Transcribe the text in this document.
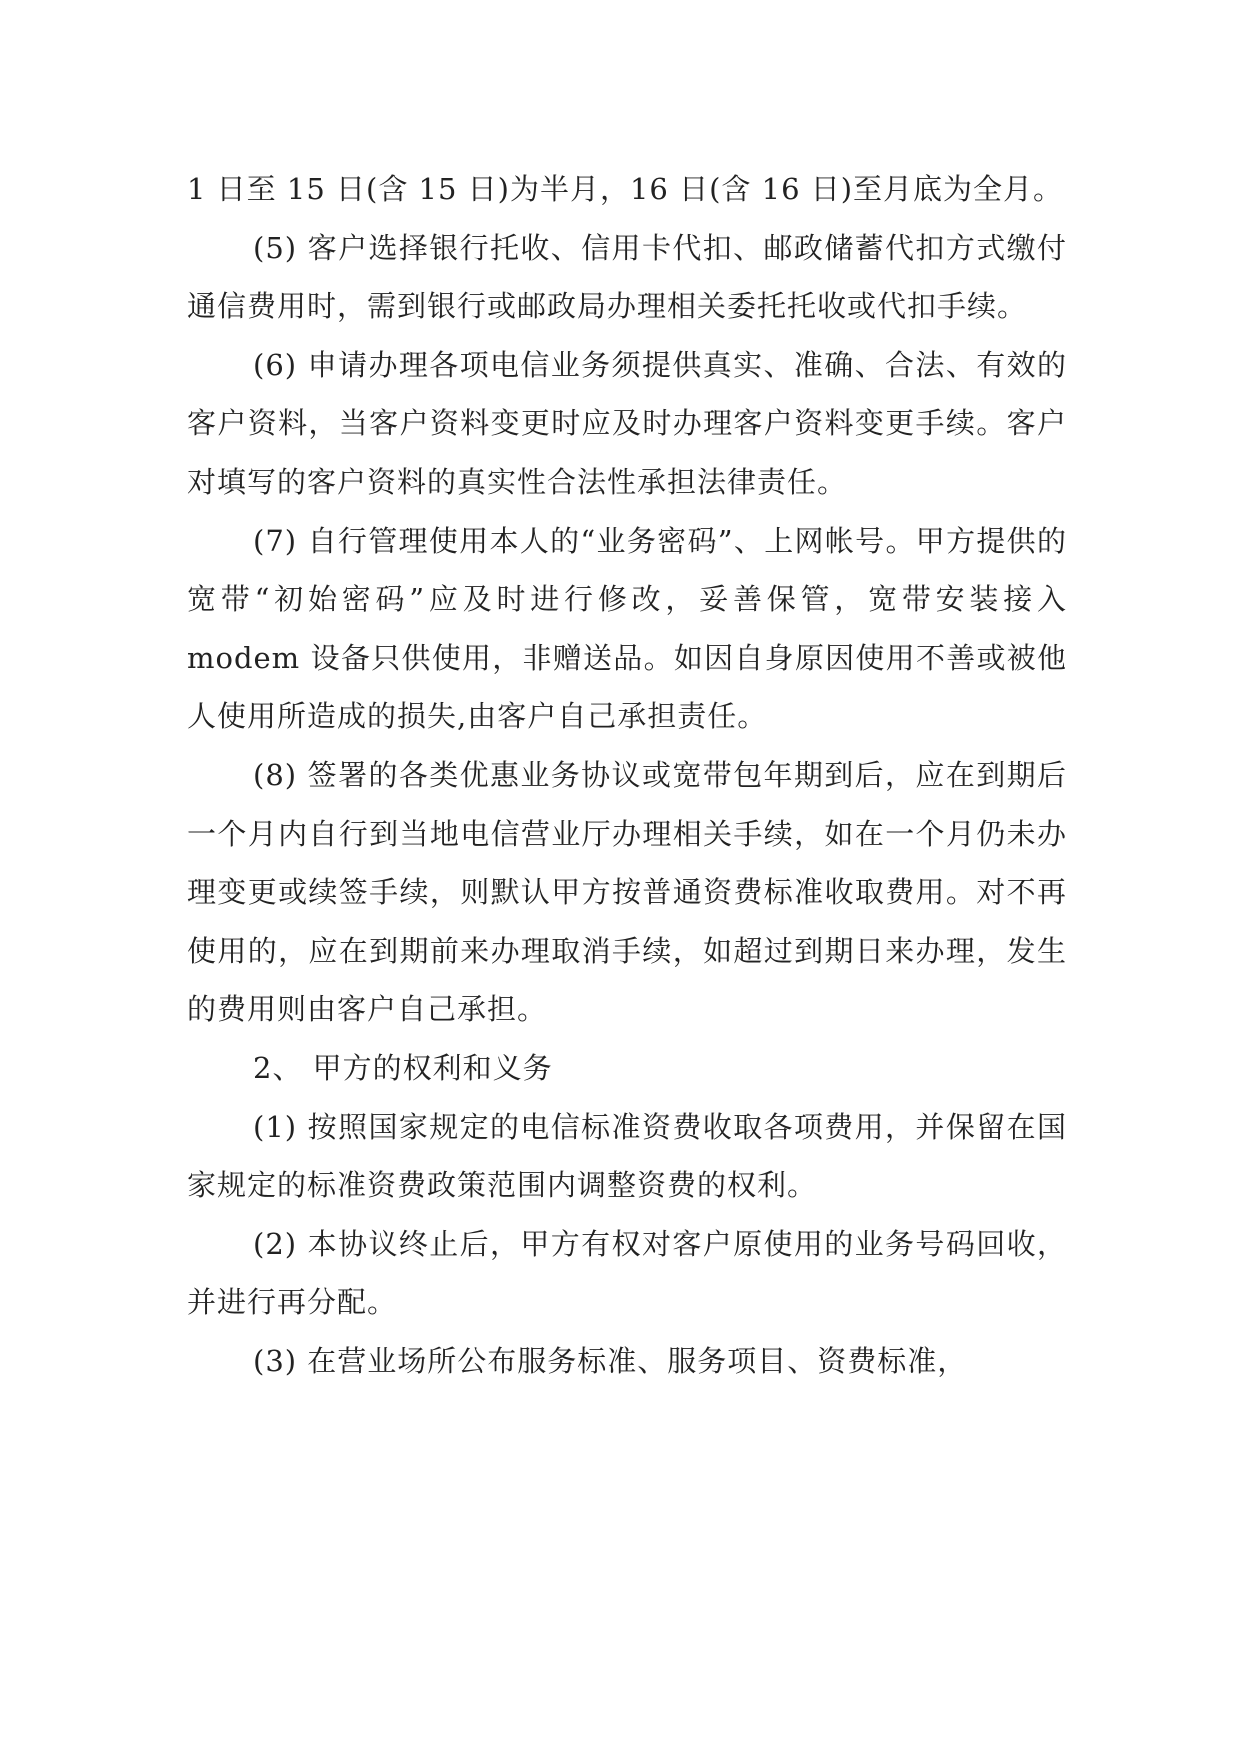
1 日至 15 日(含 15 日)为半月，16 日(含 16 日)至月底为全月。

(5) 客户选择银行托收、信用卡代扣、邮政储蓄代扣方式缴付通信费用时，需到银行或邮政局办理相关委托托收或代扣手续。

(6) 申请办理各项电信业务须提供真实、准确、合法、有效的客户资料，当客户资料变更时应及时办理客户资料变更手续。客户对填写的客户资料的真实性合法性承担法律责任。

(7) 自行管理使用本人的“业务密码”、上网帐号。甲方提供的宽带“初始密码”应及时进行修改，妥善保管，宽带安装接入 modem 设备只供使用，非赠送品。如因自身原因使用不善或被他人使用所造成的损失,由客户自己承担责任。

(8) 签署的各类优惠业务协议或宽带包年期到后，应在到期后一个月内自行到当地电信营业厅办理相关手续，如在一个月仍未办理变更或续签手续，则默认甲方按普通资费标准收取费用。对不再使用的，应在到期前来办理取消手续，如超过到期日来办理，发生的费用则由客户自己承担。

2、 甲方的权利和义务

(1) 按照国家规定的电信标准资费收取各项费用，并保留在国家规定的标准资费政策范围内调整资费的权利。

(2) 本协议终止后，甲方有权对客户原使用的业务号码回收，并进行再分配。

(3) 在营业场所公布服务标准、服务项目、资费标准，
